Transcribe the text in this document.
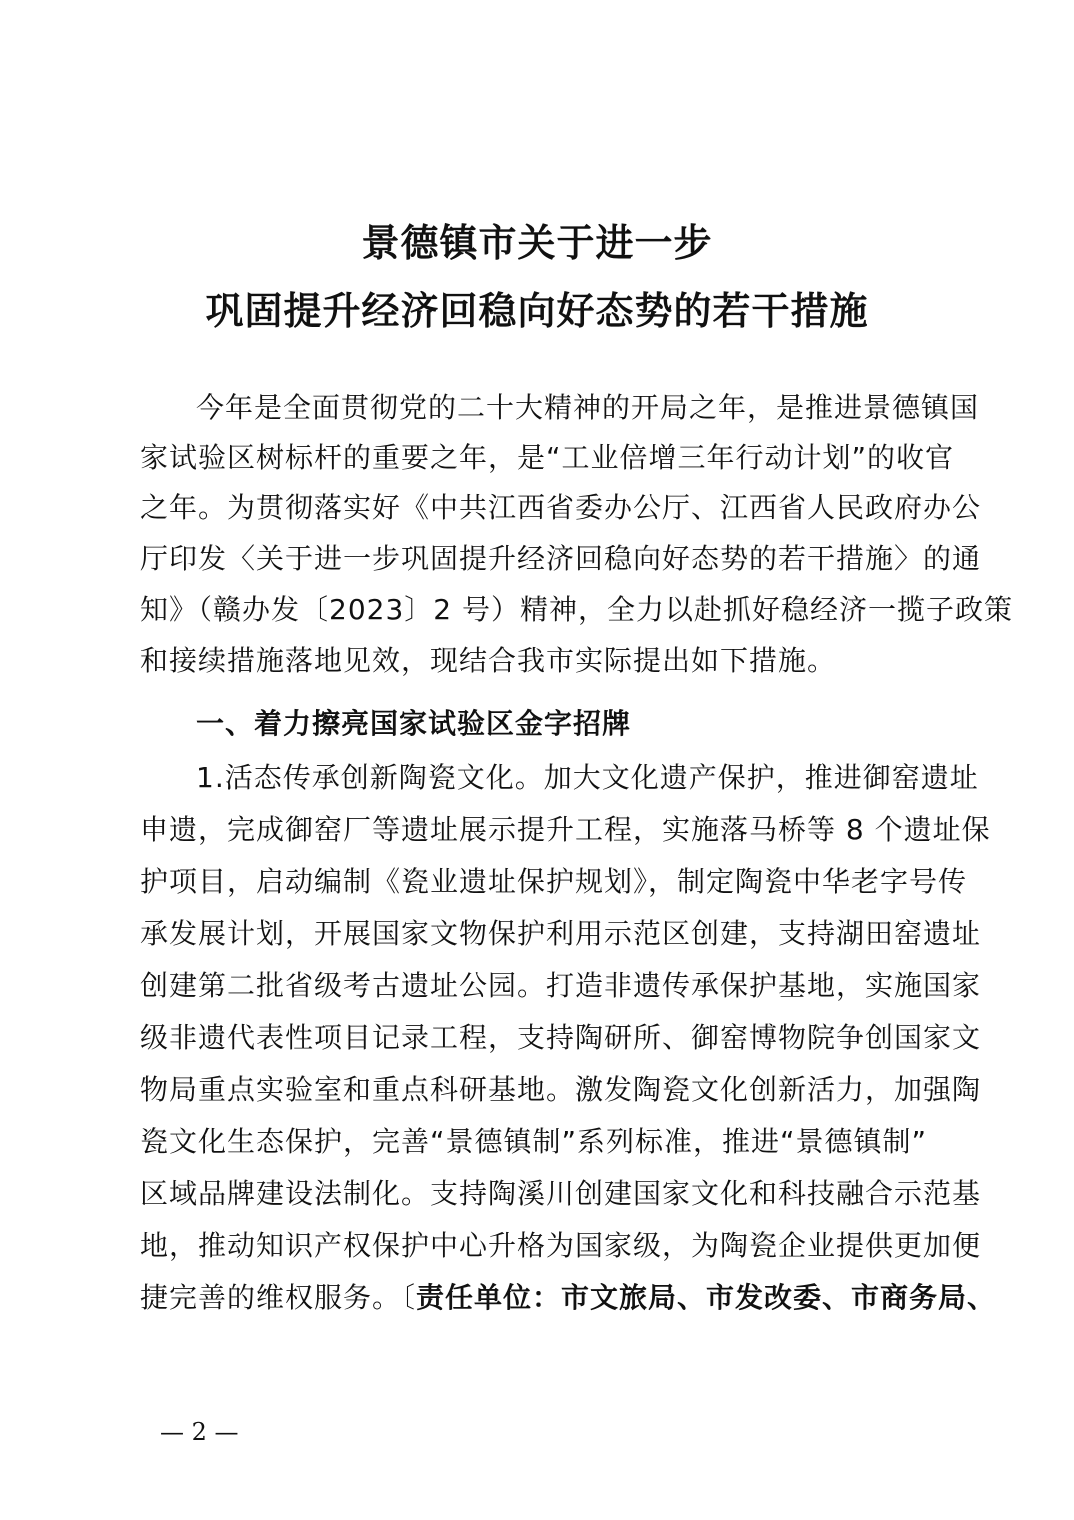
景德镇市关于进一步
巩固提升经济回稳向好态势的若干措施
今年是全面贯彻党的二十大精神的开局之年，是推进景德镇国
家试验区树标杆的重要之年，是“工业倍增三年行动计划”的收官
之年。为贯彻落实好《中共江西省委办公厅、江西省人民政府办公
厅印发〈关于进一步巩固提升经济回稳向好态势的若干措施〉的通
知》（赣办发〔2023〕2 号）精神，全力以赴抓好稳经济一揽子政策
和接续措施落地见效，现结合我市实际提出如下措施。
一、着力擦亮国家试验区金字招牌
1.活态传承创新陶瓷文化。加大文化遗产保护，推进御窑遗址
申遗，完成御窑厂等遗址展示提升工程，实施落马桥等 8 个遗址保
护项目，启动编制《瓷业遗址保护规划》，制定陶瓷中华老字号传
承发展计划，开展国家文物保护利用示范区创建，支持湖田窑遗址
创建第二批省级考古遗址公园。打造非遗传承保护基地，实施国家
级非遗代表性项目记录工程，支持陶研所、御窑博物院争创国家文
物局重点实验室和重点科研基地。激发陶瓷文化创新活力，加强陶
瓷文化生态保护，完善“景德镇制”系列标准，推进“景德镇制”
区域品牌建设法制化。支持陶溪川创建国家文化和科技融合示范基
地，推动知识产权保护中心升格为国家级，为陶瓷企业提供更加便
捷完善的维权服务。〔责任单位：市文旅局、市发改委、市商务局、
— 2 —
